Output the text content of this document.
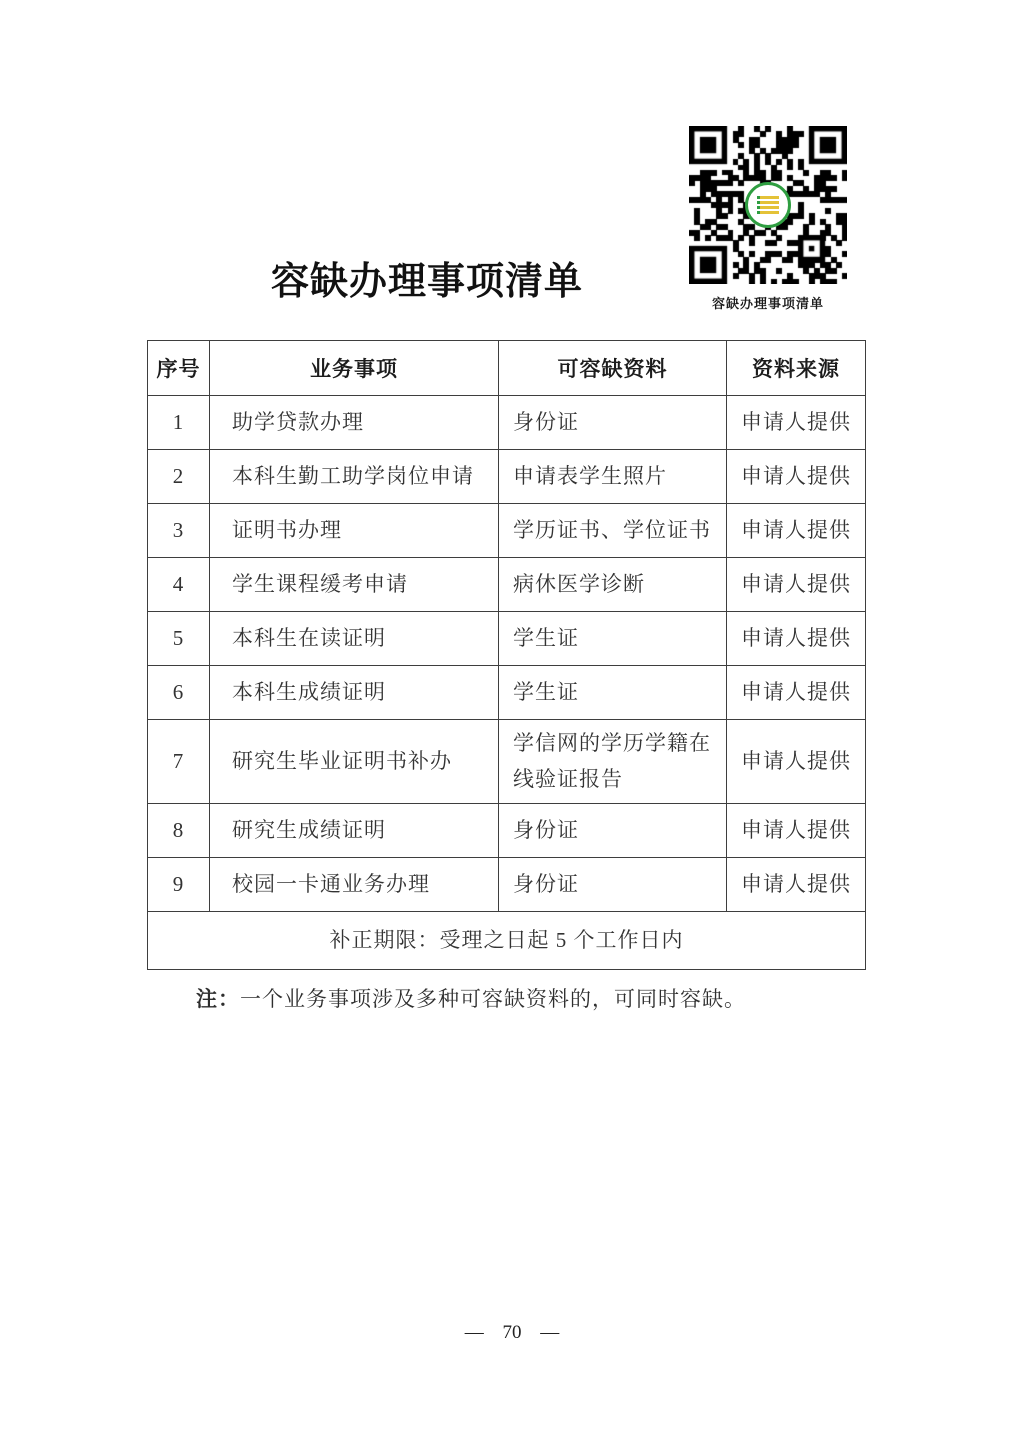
容缺办理事项清单
容缺办理事项清单
序号	业务事项	可容缺资料	资料来源
1	助学贷款办理	身份证	申请人提供
2	本科生勤工助学岗位申请	申请表学生照片	申请人提供
3	证明书办理	学历证书、学位证书	申请人提供
4	学生课程缓考申请	病休医学诊断	申请人提供
5	本科生在读证明	学生证	申请人提供
6	本科生成绩证明	学生证	申请人提供
7	研究生毕业证明书补办	学信网的学历学籍在线验证报告	申请人提供
8	研究生成绩证明	身份证	申请人提供
9	校园一卡通业务办理	身份证	申请人提供
补正期限：受理之日起 5 个工作日内			

注：一个业务事项涉及多种可容缺资料的，可同时容缺。

— 70 —
